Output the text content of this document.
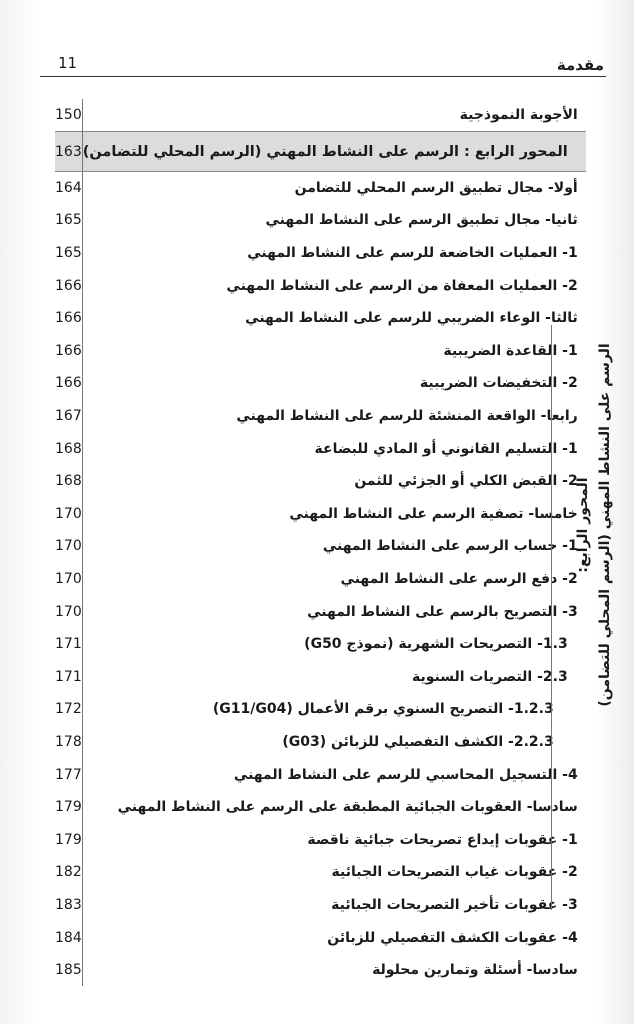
11	مقدمة
150	الأجوبة النموذجية
163	المحور الرابع : الرسم على النشاط المهني (الرسم المحلي للتضامن)
164	أولا- مجال تطبيق الرسم المحلي للتضامن
165	ثانيا- مجال تطبيق الرسم على النشاط المهني
165	1- العمليات الخاضعة للرسم على النشاط المهني
166	2- العمليات المعفاة من الرسم على النشاط المهني
166	ثالثا- الوعاء الضريبي للرسم على النشاط المهني
166	1- القاعدة الضريبية
166	2- التخفيضات الضريبية
167	رابعا- الواقعة المنشئة للرسم على النشاط المهني
168	1- التسليم القانوني أو المادي للبضاعة
168	2- القبض الكلي أو الجزئي للثمن
170	خامسا- تصفية الرسم على النشاط المهني
170	1- حساب الرسم على النشاط المهني
170	2- دفع الرسم على النشاط المهني
170	3- التصريح بالرسم على النشاط المهني
171	1.3- التصريحات الشهرية (نموذج G50)
171	2.3- التصريات السنوية
172	1.2.3- التصريح السنوي برقم الأعمال (G11/G04)
178	2.2.3- الكشف التفصيلي للزبائن (G03)
177	4- التسجيل المحاسبي للرسم على النشاط المهني
179	سادسا- العقوبات الجبائية المطبقة على الرسم على النشاط المهني
179	1- عقوبات إيداع تصريحات جبائية ناقصة
182	2- عقوبات غياب التصريحات الجبائية
183	3- عقوبات تأخير التصريحات الجبائية
184	4- عقوبات الكشف التفصيلي للزبائن
185	سادسا- أسئلة وتمارين محلولة
المحور الرابع: الرسم على النشاط المهني (الرسم المحلي للتضامن)
